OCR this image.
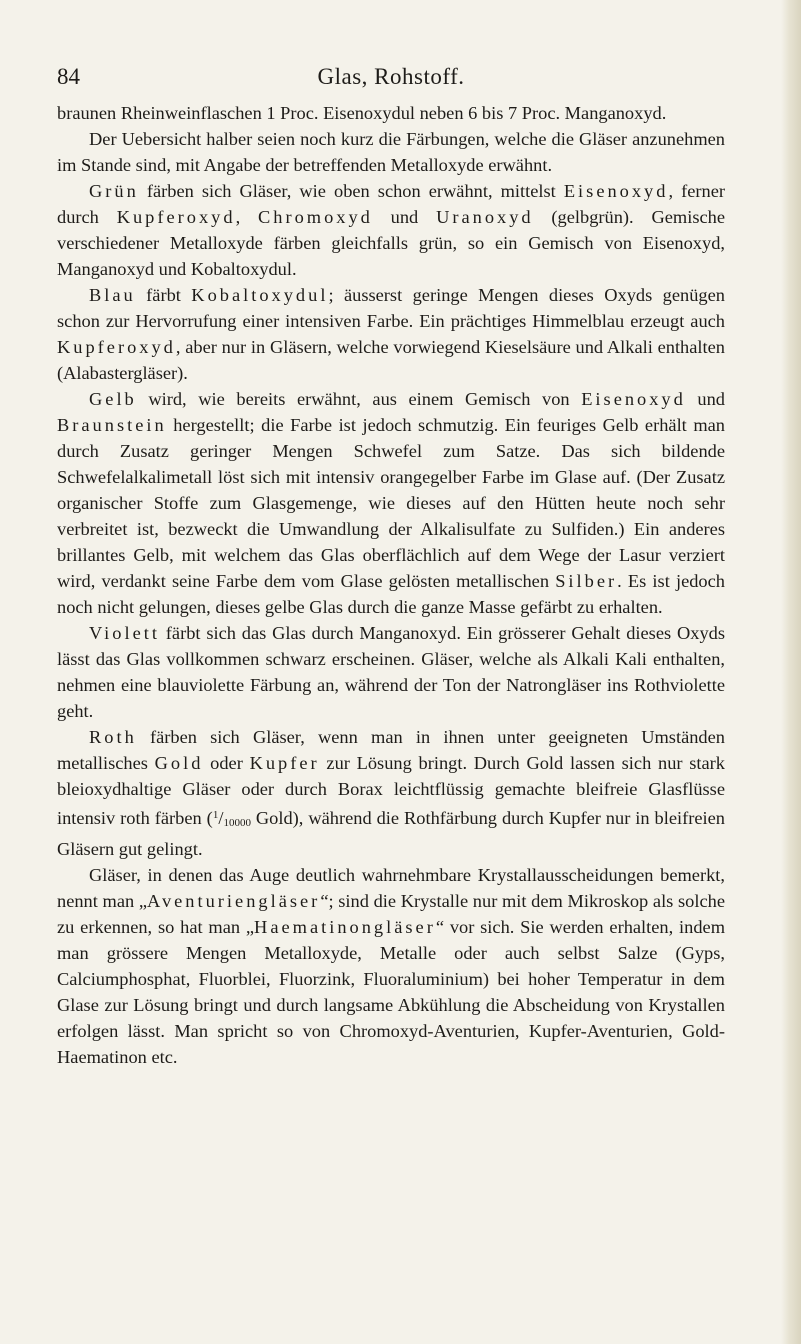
84	Glas, Rohstoff.

braunen Rheinweinflaschen 1 Proc. Eisenoxydul neben 6 bis 7 Proc. Manganoxyd.

Der Uebersicht halber seien noch kurz die Färbungen, welche die Gläser anzunehmen im Stande sind, mit Angabe der betreffenden Metalloxyde erwähnt.

Grün färben sich Gläser, wie oben schon erwähnt, mittelst Eisenoxyd, ferner durch Kupferoxyd, Chromoxyd und Uranoxyd (gelbgrün). Gemische verschiedener Metalloxyde färben gleichfalls grün, so ein Gemisch von Eisenoxyd, Manganoxyd und Kobaltoxydul.

Blau färbt Kobaltoxydul; äusserst geringe Mengen dieses Oxyds genügen schon zur Hervorrufung einer intensiven Farbe. Ein prächtiges Himmelblau erzeugt auch Kupferoxyd, aber nur in Gläsern, welche vorwiegend Kieselsäure und Alkali enthalten (Alabastergläser).

Gelb wird, wie bereits erwähnt, aus einem Gemisch von Eisenoxyd und Braunstein hergestellt; die Farbe ist jedoch schmutzig. Ein feuriges Gelb erhält man durch Zusatz geringer Mengen Schwefel zum Satze. Das sich bildende Schwefelalkalimetall löst sich mit intensiv orangegelber Farbe im Glase auf. (Der Zusatz organischer Stoffe zum Glasgemenge, wie dieses auf den Hütten heute noch sehr verbreitet ist, bezweckt die Umwandlung der Alkalisulfate zu Sulfiden.) Ein anderes brillantes Gelb, mit welchem das Glas oberflächlich auf dem Wege der Lasur verziert wird, verdankt seine Farbe dem vom Glase gelösten metallischen Silber. Es ist jedoch noch nicht gelungen, dieses gelbe Glas durch die ganze Masse gefärbt zu erhalten.

Violett färbt sich das Glas durch Manganoxyd. Ein grösserer Gehalt dieses Oxyds lässt das Glas vollkommen schwarz erscheinen. Gläser, welche als Alkali Kali enthalten, nehmen eine blauviolette Färbung an, während der Ton der Natrongläser ins Rothviolette geht.

Roth färben sich Gläser, wenn man in ihnen unter geeigneten Umständen metallisches Gold oder Kupfer zur Lösung bringt. Durch Gold lassen sich nur stark bleioxydhaltige Gläser oder durch Borax leichtflüssig gemachte bleifreie Glasflüsse intensiv roth färben ($^1/_{10000}$ Gold), während die Rothfärbung durch Kupfer nur in bleifreien Gläsern gut gelingt.

Gläser, in denen das Auge deutlich wahrnehmbare Krystallausscheidungen bemerkt, nennt man „Aventuriengläser“; sind die Krystalle nur mit dem Mikroskop als solche zu erkennen, so hat man „Haematinongläser“ vor sich. Sie werden erhalten, indem man grössere Mengen Metalloxyde, Metalle oder auch selbst Salze (Gyps, Calciumphosphat, Fluorblei, Fluorzink, Fluoraluminium) bei hoher Temperatur in dem Glase zur Lösung bringt und durch langsame Abkühlung die Abscheidung von Krystallen erfolgen lässt. Man spricht so von Chromoxyd-Aventurien, Kupfer-Aventurien, Gold-Haematinon etc.
